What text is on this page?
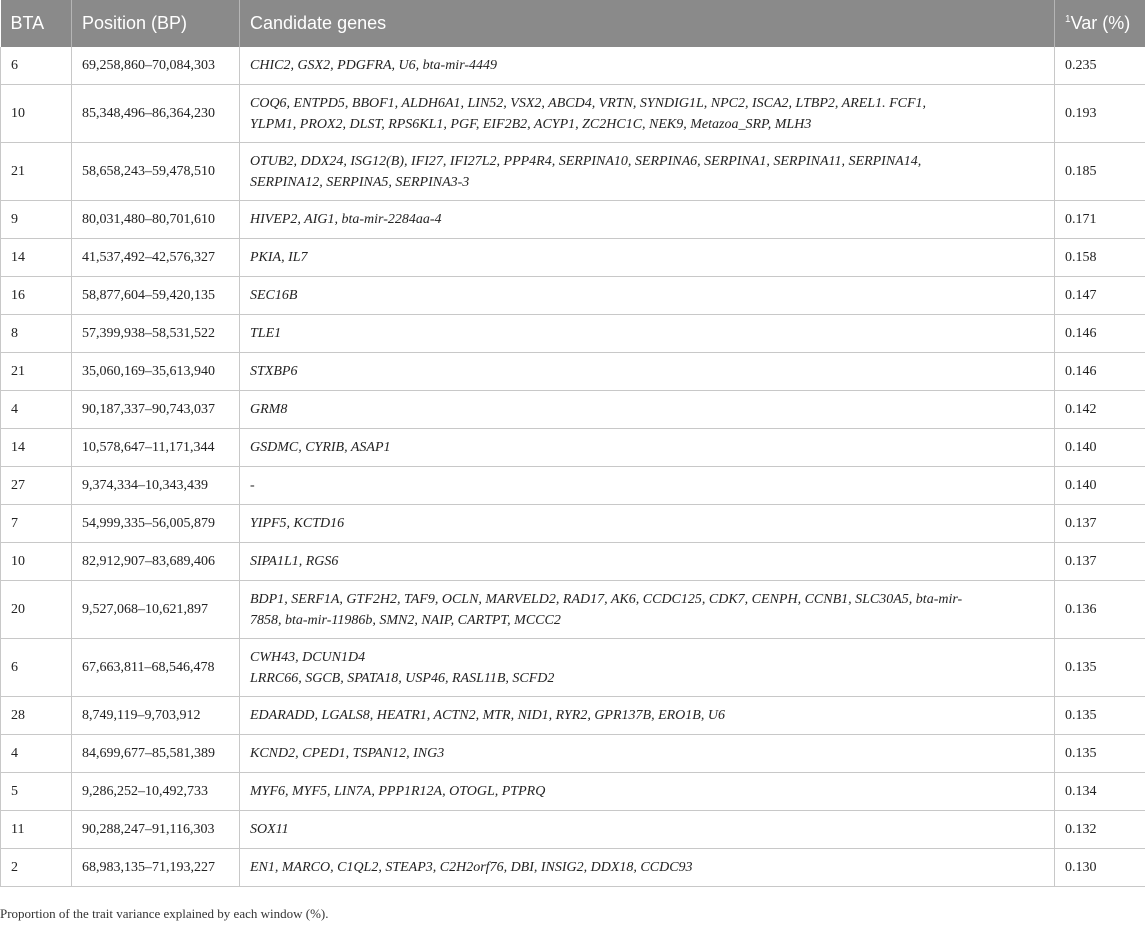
BTA	Position (BP)	Candidate genes	$^1$Var (%)
6	69,258,860–70,084,303	CHIC2, GSX2, PDGFRA, U6, bta-mir-4449	0.235
10	85,348,496–86,364,230	COQ6, ENTPD5, BBOF1, ALDH6A1, LIN52, VSX2, ABCD4, VRTN, SYNDIG1L, NPC2, ISCA2, LTBP2, AREL1. FCF1,
YLPM1, PROX2, DLST, RPS6KL1, PGF, EIF2B2, ACYP1, ZC2HC1C, NEK9, Metazoa_SRP, MLH3	0.193
21	58,658,243–59,478,510	OTUB2, DDX24, ISG12(B), IFI27, IFI27L2, PPP4R4, SERPINA10, SERPINA6, SERPINA1, SERPINA11, SERPINA14,
SERPINA12, SERPINA5, SERPINA3-3	0.185
9	80,031,480–80,701,610	HIVEP2, AIG1, bta-mir-2284aa-4	0.171
14	41,537,492–42,576,327	PKIA, IL7	0.158
16	58,877,604–59,420,135	SEC16B	0.147
8	57,399,938–58,531,522	TLE1	0.146
21	35,060,169–35,613,940	STXBP6	0.146
4	90,187,337–90,743,037	GRM8	0.142
14	10,578,647–11,171,344	GSDMC, CYRIB, ASAP1	0.140
27	9,374,334–10,343,439	-	0.140
7	54,999,335–56,005,879	YIPF5, KCTD16	0.137
10	82,912,907–83,689,406	SIPA1L1, RGS6	0.137
20	9,527,068–10,621,897	BDP1, SERF1A, GTF2H2, TAF9, OCLN, MARVELD2, RAD17, AK6, CCDC125, CDK7, CENPH, CCNB1, SLC30A5, bta-mir-
7858, bta-mir-11986b, SMN2, NAIP, CARTPT, MCCC2	0.136
6	67,663,811–68,546,478	CWH43, DCUN1D4
LRRC66, SGCB, SPATA18, USP46, RASL11B, SCFD2	0.135
28	8,749,119–9,703,912	EDARADD, LGALS8, HEATR1, ACTN2, MTR, NID1, RYR2, GPR137B, ERO1B, U6	0.135
4	84,699,677–85,581,389	KCND2, CPED1, TSPAN12, ING3	0.135
5	9,286,252–10,492,733	MYF6, MYF5, LIN7A, PPP1R12A, OTOGL, PTPRQ	0.134
11	90,288,247–91,116,303	SOX11	0.132
2	68,983,135–71,193,227	EN1, MARCO, C1QL2, STEAP3, C2H2orf76, DBI, INSIG2, DDX18, CCDC93	0.130
Proportion of the trait variance explained by each window (%).
